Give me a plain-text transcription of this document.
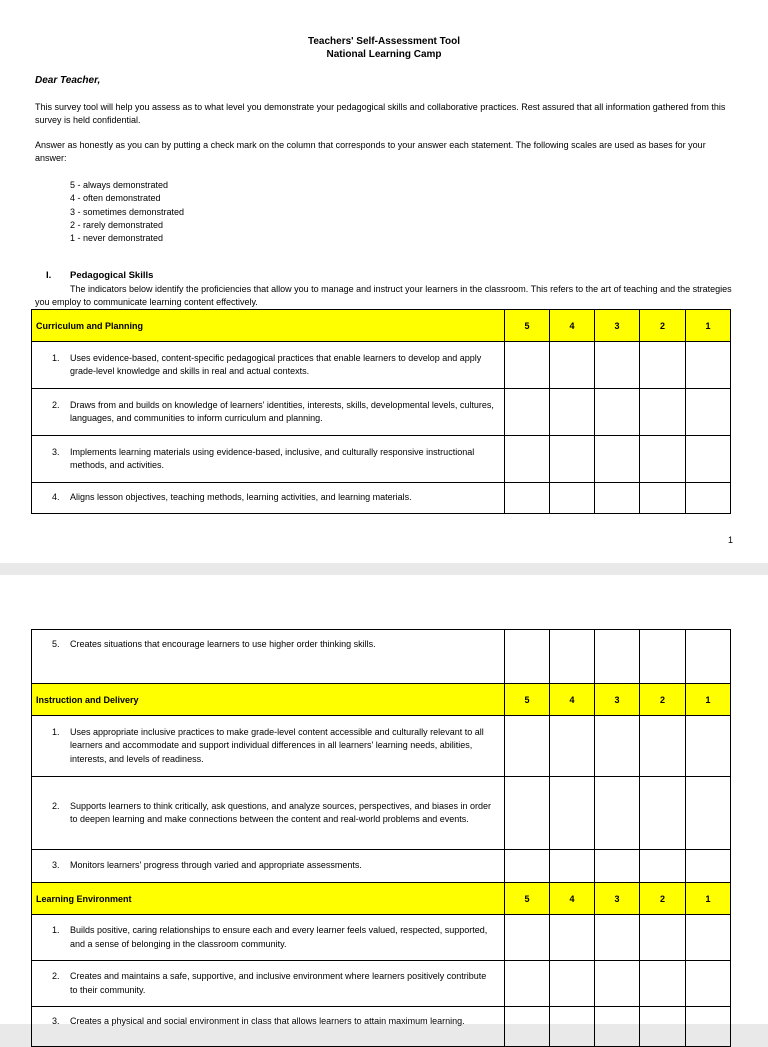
Teachers' Self-Assessment Tool
National Learning Camp
Dear Teacher,
This survey tool will help you assess as to what level you demonstrate your pedagogical skills and collaborative practices. Rest assured that all information gathered from this survey is held confidential.
Answer as honestly as you can by putting a check mark on the column that corresponds to your answer each statement. The following scales are used as bases for your answer:
5 - always demonstrated
4 - often demonstrated
3 - sometimes demonstrated
2 - rarely demonstrated
1 - never demonstrated
I. Pedagogical Skills
The indicators below identify the proficiencies that allow you to manage and instruct your learners in the classroom. This refers to the art of teaching and the strategies you employ to communicate learning content effectively.
Curriculum and Planning	5	4	3	2	1

1. Uses evidence-based, content-specific pedagogical practices that enable learners to develop and apply grade-level knowledge and skills in real and actual contexts.					

2. Draws from and builds on knowledge of learners' identities, interests, skills, developmental levels, cultures, languages, and communities to inform curriculum and planning.					

3. Implements learning materials using evidence-based, inclusive, and culturally responsive instructional methods, and activities.					

4. Aligns lesson objectives, teaching methods, learning activities, and learning materials.					

1
5. Creates situations that encourage learners to use higher order thinking skills.					

Instruction and Delivery	5	4	3	2	1

1. Uses appropriate inclusive practices to make grade-level content accessible and culturally relevant to all learners and accommodate and support individual differences in all learners' learning needs, abilities, interests, and levels of readiness.					

2. Supports learners to think critically, ask questions, and analyze sources, perspectives, and biases in order to deepen learning and make connections between the content and real-world problems and events.					

3. Monitors learners' progress through varied and appropriate assessments.					

Learning Environment	5	4	3	2	1

1. Builds positive, caring relationships to ensure each and every learner feels valued, respected, supported, and a sense of belonging in the classroom community.					

2. Creates and maintains a safe, supportive, and inclusive environment where learners positively contribute to their community.					

3. Creates a physical and social environment in class that allows learners to attain maximum learning.					
